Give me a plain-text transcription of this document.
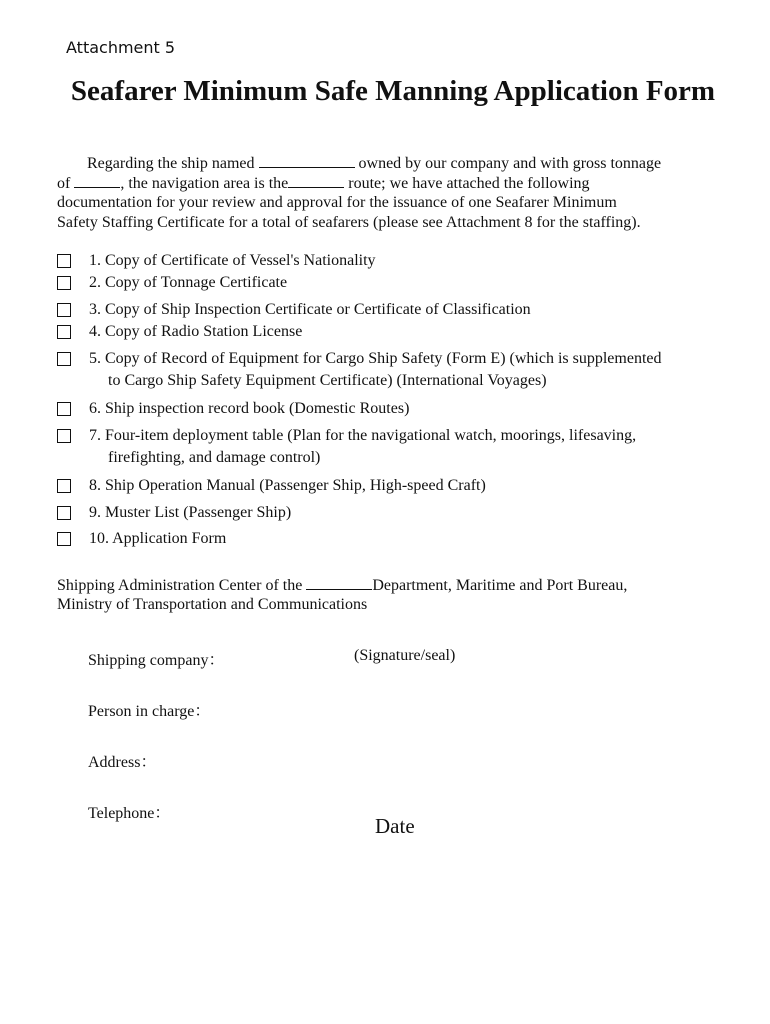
Attachment 5
Seafarer Minimum Safe Manning Application Form
Regarding the ship named	owned by our company and with gross tonnage
of	, the navigation area is the	route; we have attached the following
documentation for your review and approval for the issuance of one Seafarer Minimum
Safety Staffing Certificate for a total of seafarers (please see Attachment 8 for the staffing).
1. Copy of Certificate of Vessel's Nationality
2. Copy of Tonnage Certificate
3. Copy of Ship Inspection Certificate or Certificate of Classification
4. Copy of Radio Station License
5. Copy of Record of Equipment for Cargo Ship Safety (Form E) (which is supplemented
to Cargo Ship Safety Equipment Certificate) (International Voyages)
6. Ship inspection record book (Domestic Routes)
7. Four-item deployment table (Plan for the navigational watch, moorings, lifesaving,
firefighting, and damage control)
8. Ship Operation Manual (Passenger Ship, High-speed Craft)
9. Muster List (Passenger Ship)
10. Application Form
Shipping Administration Center of the	Department, Maritime and Port Bureau,
Ministry of Transportation and Communications
Shipping company：	(Signature/seal)
Person in charge：
Address：
Telephone：
Date
